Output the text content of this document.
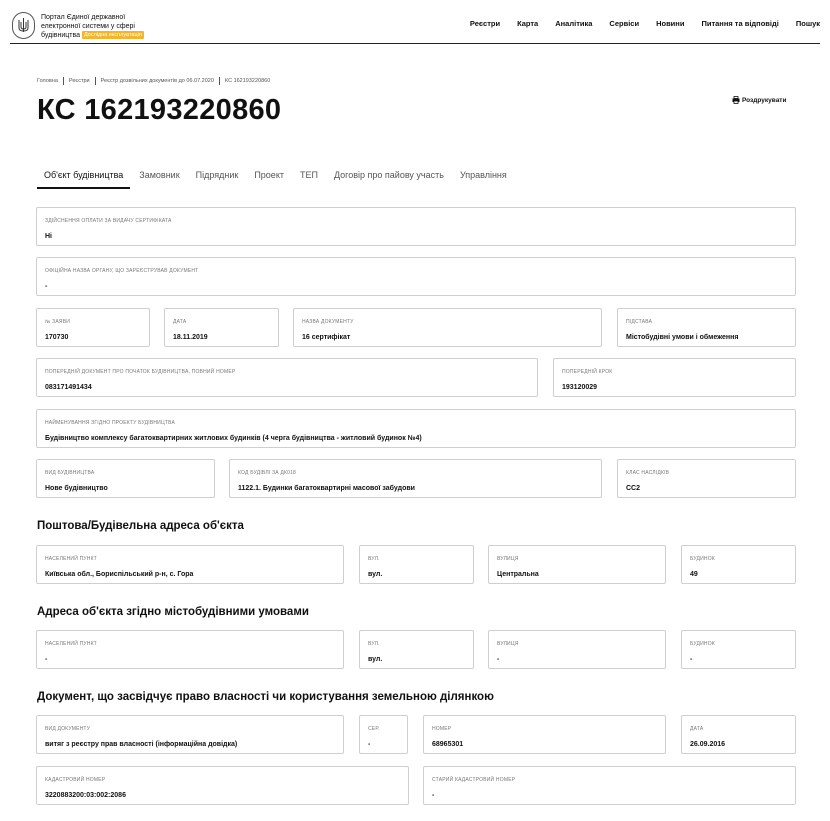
Портал Єдиної державної
електронної системи у сфері
будівництва Дослідна експлуатація
Реєстри Карта Аналітика Сервіси Новини Питання та відповіді Пошук
Головна Реєстри Реєстр дозвільних документів до 06.07.2020 КС 162193220860
КС 162193220860	Роздрукувати
Об'єкт будівництва	Замовник	Підрядник	Проект	ТЕП	Договір про пайову участь	Управління
ЗДІЙСНЕННЯ ОПЛАТИ ЗА ВИДАЧУ СЕРТИФІКАТА
Ні
ОФІЦІЙНА НАЗВА ОРГАНУ, ЩО ЗАРЕЄСТРУВАВ ДОКУМЕНТ
-
№ ЗАЯВИ
170730
ДАТА
18.11.2019
НАЗВА ДОКУМЕНТУ
16 сертифікат
ПІДСТАВА
Містобудівні умови і обмеження
ПОПЕРЕДНІЙ ДОКУМЕНТ ПРО ПОЧАТОК БУДІВНИЦТВА, ПОВНИЙ НОМЕР
083171491434
ПОПЕРЕДНІЙ КРОК
193120029
НАЙМЕНУВАННЯ ЗГІДНО ПРОЕКТУ БУДІВНИЦТВА
Будівництво комплексу багатоквартирних житлових будинків (4 черга будівництва - житловий будинок №4)
ВИД БУДІВНИЦТВА
Нове будівництво
КОД БУДІВЛІ ЗА ДК018
1122.1. Будинки багатоквартирні масової забудови
КЛАС НАСЛІДКІВ
СС2
Поштова/Будівельна адреса об'єкта
НАСЕЛЕНИЙ ПУНКТ
Київська обл., Бориспільський р-н, с. Гора
ВУЛ.
вул.
ВУЛИЦЯ
Центральна
БУДИНОК
49
Адреса об'єкта згідно містобудівними умовами
НАСЕЛЕНИЙ ПУНКТ
-
ВУЛ.
вул.
ВУЛИЦЯ
-
БУДИНОК
-
Документ, що засвідчує право власності чи користування земельною ділянкою
ВИД ДОКУМЕНТУ
витяг з реєстру прав власності (інформаційна довідка)
СЕР.
-
НОМЕР
68965301
ДАТА
26.09.2016
КАДАСТРОВИЙ НОМЕР
3220883200:03:002:2086
СТАРИЙ КАДАСТРОВИЙ НОМЕР
-
